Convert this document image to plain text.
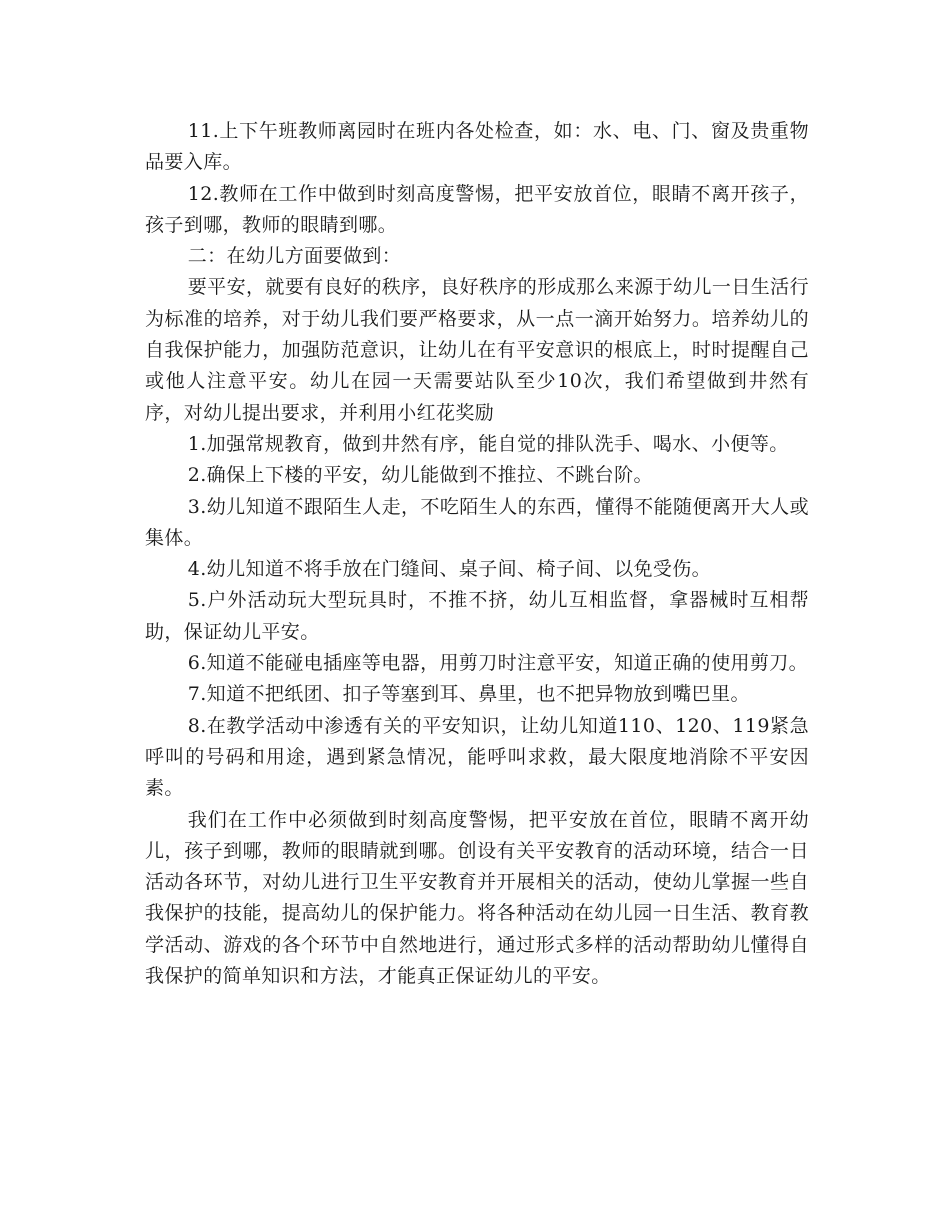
11.上下午班教师离园时在班内各处检查，如：水、电、门、窗及贵重物品要入库。

12.教师在工作中做到时刻高度警惕，把平安放首位，眼睛不离开孩子，孩子到哪，教师的眼睛到哪。

二：在幼儿方面要做到：

要平安，就要有良好的秩序，良好秩序的形成那么来源于幼儿一日生活行为标准的培养，对于幼儿我们要严格要求，从一点一滴开始努力。培养幼儿的自我保护能力，加强防范意识，让幼儿在有平安意识的根底上，时时提醒自己或他人注意平安。幼儿在园一天需要站队至少10次，我们希望做到井然有序，对幼儿提出要求，并利用小红花奖励

1.加强常规教育，做到井然有序，能自觉的排队洗手、喝水、小便等。

2.确保上下楼的平安，幼儿能做到不推拉、不跳台阶。

3.幼儿知道不跟陌生人走，不吃陌生人的东西，懂得不能随便离开大人或集体。

4.幼儿知道不将手放在门缝间、桌子间、椅子间、以免受伤。

5.户外活动玩大型玩具时，不推不挤，幼儿互相监督，拿器械时互相帮助，保证幼儿平安。

6.知道不能碰电插座等电器，用剪刀时注意平安，知道正确的使用剪刀。

7.知道不把纸团、扣子等塞到耳、鼻里，也不把异物放到嘴巴里。

8.在教学活动中渗透有关的平安知识，让幼儿知道110、120、119紧急呼叫的号码和用途，遇到紧急情况，能呼叫求救，最大限度地消除不平安因素。

我们在工作中必须做到时刻高度警惕，把平安放在首位，眼睛不离开幼儿，孩子到哪，教师的眼睛就到哪。创设有关平安教育的活动环境，结合一日活动各环节，对幼儿进行卫生平安教育并开展相关的活动，使幼儿掌握一些自我保护的技能，提高幼儿的保护能力。将各种活动在幼儿园一日生活、教育教学活动、游戏的各个环节中自然地进行，通过形式多样的活动帮助幼儿懂得自我保护的简单知识和方法，才能真正保证幼儿的平安。
